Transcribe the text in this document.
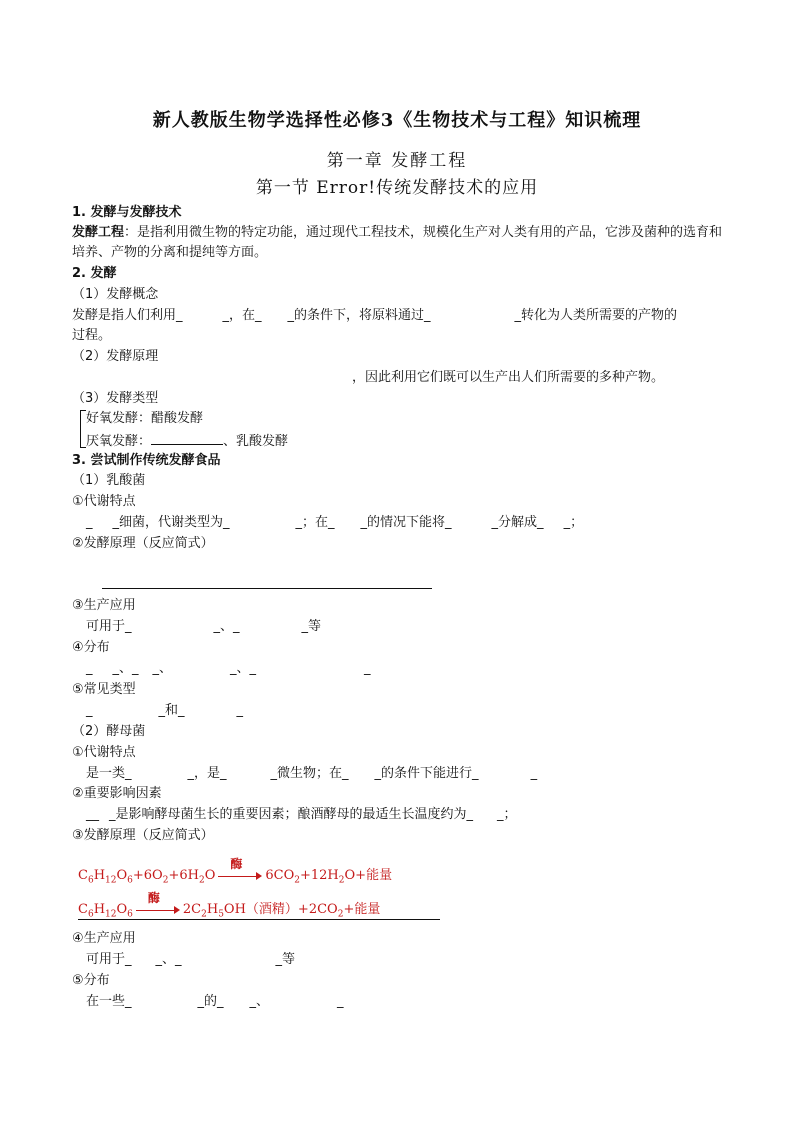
新人教版生物学选择性必修3《生物技术与工程》知识梳理
第一章 发酵工程
第一节 Error!传统发酵技术的应用
1. 发酵与发酵技术
发酵工程：是指利用微生物的特定功能，通过现代工程技术，规模化生产对人类有用的产品，它涉及菌种的选育和培养、产物的分离和提纯等方面。
2. 发酵
（1）发酵概念
发酵是指人们利用_	_，在_ _的条件下，将原料通过_	_转化为人类所需要的产物的
过程。
（2）发酵原理
，因此利用它们既可以生产出人们所需要的多种产物。
（3）发酵类型
好氧发酵：醋酸发酵
厌氧发酵：	、乳酸发酵
3. 尝试制作传统发酵食品
（1）乳酸菌
①代谢特点
_ _细菌，代谢类型为_	_；在_ _的情况下能将_	_分解成_ _；
②发酵原理（反应简式）
③生产应用
可用于_	_、_	_等
④分布
_ _、_ _、	_、_	_
⑤常见类型
_	_和_	_
（2）酵母菌
①代谢特点
是一类_	_，是_	_微生物；在_ _的条件下能进行_	_
②重要影响因素
__ _是影响酵母菌生长的重要因素；酿酒酵母的最适生长温度约为_ _；
③发酵原理（反应简式）
$C_6H_{12}O_6+6O_2+6H_2O$
酶
$6CO_2+12H_2O+$能量
$C_6H_{12}O_6$
酶
$2C_2H_5OH$（酒精）$+2CO_2+$能量
④生产应用
可用于_ _、_	_等
⑤分布
在一些_	_的_ _、	_
